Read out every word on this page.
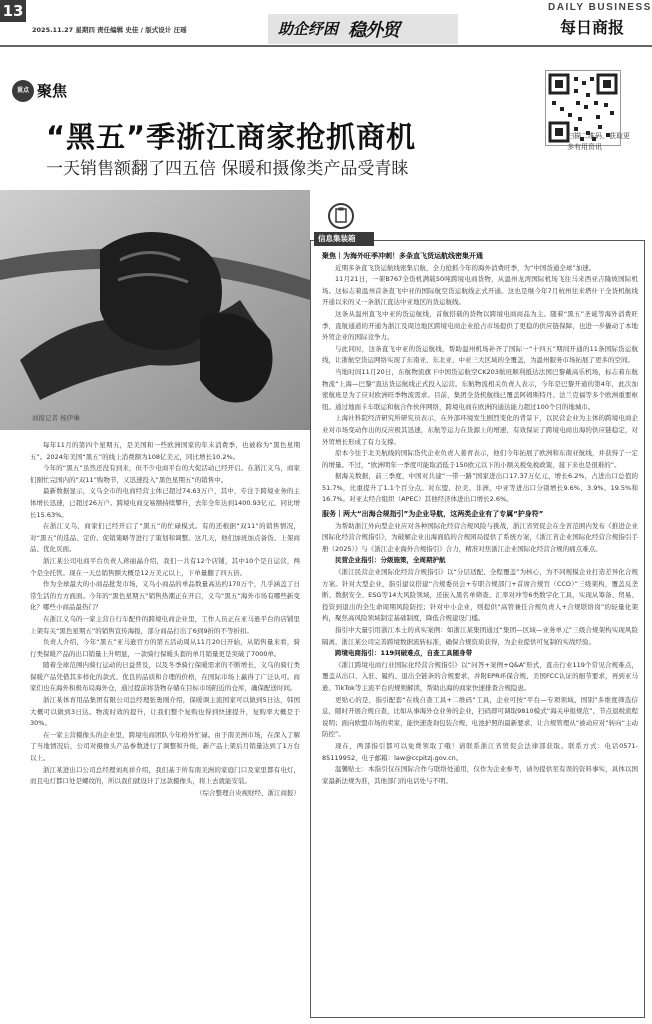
13
2025.11.27 星期四 责任编辑 史佳 / 版式设计 汪瑶	助企纾困 稳外贸
DAILY BUSINESS
每日商报
重点 聚焦
“黑五”季浙江商家抢抓商机
一天销售额翻了四五倍 保暖和摄像类产品受青睐
扫描二维码，获取更多有用资讯
商报记者 杨伊琳
信息集装箱

每年11月的第四个星期五，是美国和一些欧洲国家的年末消费季，也被称为“黑色星期五”。2024年美国“黑五”的线上消费额为108亿美元，同比增长10.2%。

今年的“黑五”虽然还没有到来，但不少电商平台的大促活动已经开启。在浙江义乌，商家们刚忙完国内的“双11”购物节，又迅速投入“黑色星期五”的销售中。

最新数据显示，义乌全市的电商经营主体已超过74.63万户，其中，专注于跨境业务的主体增长迅速，已超过26万户。跨境电商交易额持续攀升，去年全年达到1400.93亿元，同比增长15.63%。

在浙江义乌，商家们已经开启了“黑五”的忙碌模式。有的还根据“双11”的销售情况，对“黑五”的选品、定价、促销策略等进行了策划和调整。这几天，他们加班加点备货、上架商品、优化页面。

浙江某公司电商平台负责人蒋丽晶介绍，我们一共有12个店铺，其中10个是自运营，两个是全托管。现在一天总销售额大概是12万美元以上，下单量翻了四五倍。

作为全球最大的小商品批发市场，义乌小商品的单品数量高达约170万个，几乎涵盖了日常生活的方方面面。今年的“黑色星期五”销售热潮正在开启，义乌“黑五”海外市场有哪些新变化？哪些小商品最热门？

在浙江义乌的一家主营自行车配件的跨境电商企业里，工作人员正在亚马逊平台的店铺里上架有关“黑色星期五”的销售宣传海报，部分商品打出了6到9折的不等折扣。

负责人介绍，今年“黑五”亚马逊官方的第五活动周从11月20日开始，从销售量来看，骑行类保暖产品的出口销量上升明显，一款骑行保暖头套的单月销量更是突破了7000单。

随着全球范围内骑行运动的日益普及，以及冬季骑行保暖需求的不断增长，义乌的骑行类保暖产品凭借其多样化的款式、优良的品质和合理的价格，在国际市场上赢得了广泛认可。商家们也在海外积极布局海外仓，通过提前将货物存储在目标市场附近的仓库，确保配送时间。

浙江某体育用品集团有限公司总经理张勇刚介绍，保暖调主流国家可以做到5日达，韩国大概可以做到3日达。物流时效的提升，让我们整个复购也得到快速提升，复购率大概是于30%。

在一家主营摄像头的企业里，跨境电商团队今年格外忙碌。由于南美洲市场，在深入了解了当地情况后，公司对摄像头产品参数进行了调整和升级，新产品上架后月销量达到了1万台以上。

浙江某进出口公司总经理刘兆祥介绍，我们基于所有南美洲的家庭门口及家里都有电灯，而且电灯都口处是螺纹的，所以我们就设计了这款摄像头，将上去就能安装。

（综合整理自央视财经、浙江商报）

聚焦｜为海外旺季冲刺！多条直飞货运航线密集开通

近期多条直飞货运航线密集启航，全力抢抓今年的海外消费旺季，为“中国货通全球”加速。

11月21日，一架B767全货机满载50吨跨境电商货物，从温州龙湾国际机场飞往马来西亚吉隆坡国际机场。这标志着温州首条直飞中亚的国际航空货运航线正式开通。这也是继今年7月杭州往来塔什干全货机航线开通以来的又一条浙江直达中亚地区的货运航线。

这条从温州直飞中亚的货运航线，首航搭载的货物以跨境电商商品为主。随着“黑五”圣诞等海外消费旺季，直航通道的开通为浙江及周边地区跨境电商企业抢占市场提供了更稳的供应链保障，也进一步撬动了本地外贸企业的国际竞争力。

与此同时，这条直飞中亚的货运航线，帮助温州机场补齐了国际一“十四五”期间开通的11条国际货运航线，让浙航空货运网络实现了东南亚、东北亚、中亚三大区域的全覆盖，为温州服务市场拓展了更多的空间。

当地时间11月20日，东航物流旗下中国货运航空CK203航班顺利抵达法国巴黎戴高乐机场，标志着东航物流“上海—巴黎”直达货运航线正式投入运营。东航物流相关负责人表示，今年是巴黎开通的第4年，此次加密航班是为了应对欧洲旺季物流需求。目前，集团全货机航线已覆盖阿姆斯特丹、法兰克福等多个欧洲重要枢纽。通过地面卡车联运和航合作伙伴网络，跨境电商在欧洲的通达能力超过100个目的地城市。

上海社科院经济研究所研究员表示，在外部环境发生剧烈变化的背景下，以民营企业为主体的跨境电商企业对市场变动作出的反应极其迅速，东航等运力在货源上的增速，有效保证了跨境电商出海的供应链稳定，对外贸增长形成了有力支撑。

原本今往于北美航线的国际货代企业负责人姜青表示，他们今年拓展了欧洲和东南亚航线，并获得了一定的增量。不过，“欧洲明年一季度可能取消低于150欧元以下的小额关税免税政策，接下来也是很难的”。

据海关数据，前三季度，中国对共建“一带一路”国家进出口17.37万亿元，增长6.2%，占进出口总值的51.7%，比重提升了1.1个百分点。对东盟、拉美、非洲、中亚等进出口分别增长9.6%、3.9%、19.5%和16.7%。对亚太经合组织（APEC）其他经济体进出口增长2.6%。

服务｜两大“出海合规指引”为企业导航，这两类企业有了专属“护身符”

为帮助浙江外向型企业应对各种国际化经营合规风险与挑战，浙江省贸促会在全省范围内发布《推进企业国际化经营合规指引》，为破解企业出海面临的合规困局提供了系统方案，《浙江省企业国际化经营合规指引手册（2025）》与《浙江企业海外合规指引》合力，精准对焦浙江企业国际化经营合规的痛点难点。

民营企业指引：分级施策，全周期护航

《浙江民营企业国际化经营合规指引》以“分层适配、全程覆盖”为核心，为不同规模企业打造差异化合规方案。针对大型企业，指引建议搭建“合规委员会+专职合规部门+首席合规官（CCO）”三级架构，覆盖反垄断、数据安全、ESG等14大风险领域，还嵌入黑名单筛查、汇率对冲等6类数字化工具，实现从筹备、贸易、投资到退出的全生命周期风险防控；针对中小企业，则提供“高管兼任合规负责人+合规联络岗”的轻量化架构，聚焦高风险领域制定基础制度，降低合规建设门槛。

指引中大量引用浙江本土的真实案例：如浙江某集团通过“集团—区域—业务单元”三级合规架构实现风险隔离，浙江某公司完善跨境数据流转标准，确保合规资质获得，为企业提供可复制的实战经验。

跨境电商指引：119问破难点，自查工具随身带

《浙江跨境电商行业国际化经营合规指引》以“问答+案例+Q&A”形式，直击行业119个常见合规难点，覆盖从出口、入驻、履约、退出全链条的合规要求，并附EPR环保合规、美国FCC认证的细节要求，再到亚马逊、TikTok等主流平台的规则解读，帮助出海的商家快速排查合规隐患。

更贴心的是，指引配套“在线自查工具+二维码”工具，企业可按“平台—专项领域、国别”多维度筛选信息，随时开展合规自查，比如从事海外仓业务的企业，扫码即可调取9810模式“海关申报规范”、节点退税流程说明；面向欧盟市场的卖家，能快速查询包装合规、电池护照的最新要求，让合规管理从“被动应对”转向“主动防控”。

现在，两部指引都可以免费领取了哦！请联系浙江省贸促会法律部获取。联系方式：电话0571-85119952，电子邮箱：law@ccpitzj.gov.cn。

温馨贴士：本指引仅在国际合作与联络处通用，仅作为企业参考，请勿提供至有误的资料事实，具体以国家最新法规为准，其他部门的电话处与不明。
